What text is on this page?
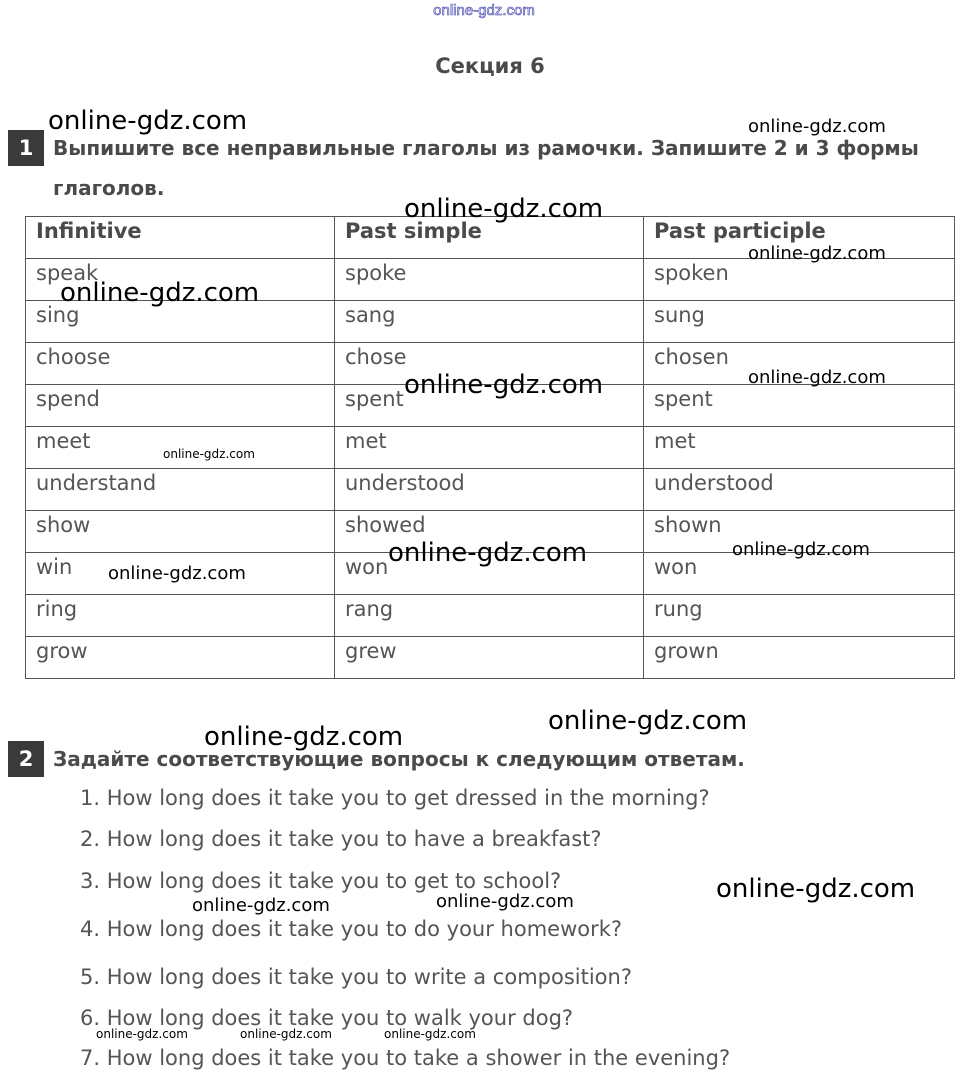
online-gdz.com
Секция 6
1 Выпишите все неправильные глаголы из рамочки. Запишите 2 и 3 формы
глаголов.
Infinitive	Past simple	Past participle
speak	spoke	spoken
sing	sang	sung
choose	chose	chosen
spend	spent	spent
meet	met	met
understand	understood	understood
show	showed	shown
win	won	won
ring	rang	rung
grow	grew	grown
2 Задайте соответствующие вопросы к следующим ответам.
1. How long does it take you to get dressed in the morning?
2. How long does it take you to have a breakfast?
3. How long does it take you to get to school?
4. How long does it take you to do your homework?
5. How long does it take you to write a composition?
6. How long does it take you to walk your dog?
7. How long does it take you to take a shower in the evening?
online-gdz.com	online-gdz.com
online-gdz.com
online-gdz.com
online-gdz.com
online-gdz.com	online-gdz.com
online-gdz.com
online-gdz.com	online-gdz.com
online-gdz.com
online-gdz.com
online-gdz.com
online-gdz.com
online-gdz.com	online-gdz.com
online-gdz.com	online-gdz.com	online-gdz.com
